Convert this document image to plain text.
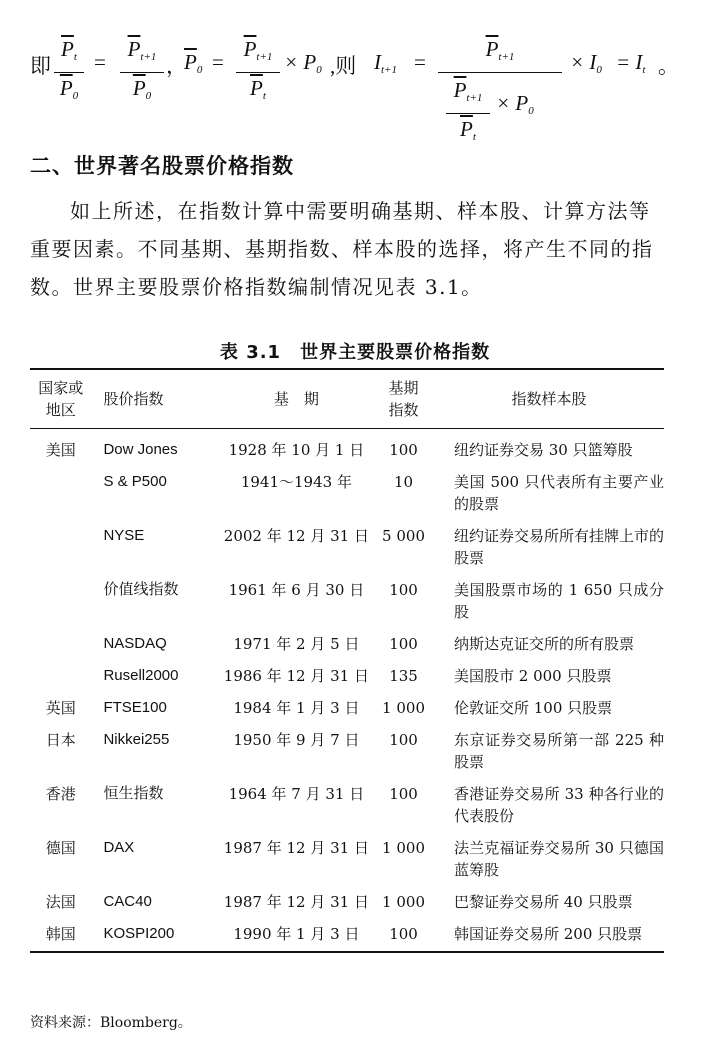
即
$\overline{P}_t$
$\overline{P}_0$
=
$\overline{P}_{t+1}$
$\overline{P}_0$
，
$\overline{P}_0$ =
$\overline{P}_{t+1}$
$\overline{P}_t$
× $P_0$ ,则 $I_{t+1}$ =
$\overline{P}_{t+1}$
$\overline{P}_{t+1}$
$\overline{P}_t$
× $P_0$
× $I_0 = I_t$ 。
二、世界著名股票价格指数

如上所述，在指数计算中需要明确基期、样本股、计算方法等重要因素。不同基期、基期指数、样本股的选择，将产生不同的指数。世界主要股票价格指数编制情况见表 3.1。

表 3.1　世界主要股票价格指数
国家或地区	股价指数	基　期	基期指数	指数样本股
美国	Dow Jones	1928 年 10 月 1 日	100	纽约证券交易 30 只篮筹股

	S & P500	1941～1943 年	10	美国 500 只代表所有主要产业的股票

	NYSE	2002 年 12 月 31 日	5 000	纽约证券交易所所有挂牌上市的股票

	价值线指数	1961 年 6 月 30 日	100	美国股票市场的 1 650 只成分股

	NASDAQ	1971 年 2 月 5 日	100	纳斯达克证交所的所有股票

	Rusell2000	1986 年 12 月 31 日	135	美国股市 2 000 只股票

英国	FTSE100	1984 年 1 月 3 日	1 000	伦敦证交所 100 只股票

日本	Nikkei255	1950 年 9 月 7 日	100	东京证券交易所第一部 225 种股票

香港	恒生指数	1964 年 7 月 31 日	100	香港证券交易所 33 种各行业的代表股份

德国	DAX	1987 年 12 月 31 日	1 000	法兰克福证券交易所 30 只德国蓝筹股

法国	CAC40	1987 年 12 月 31 日	1 000	巴黎证券交易所 40 只股票

韩国	KOSPI200	1990 年 1 月 3 日	100	韩国证券交易所 200 只股票
资料来源：Bloomberg。
